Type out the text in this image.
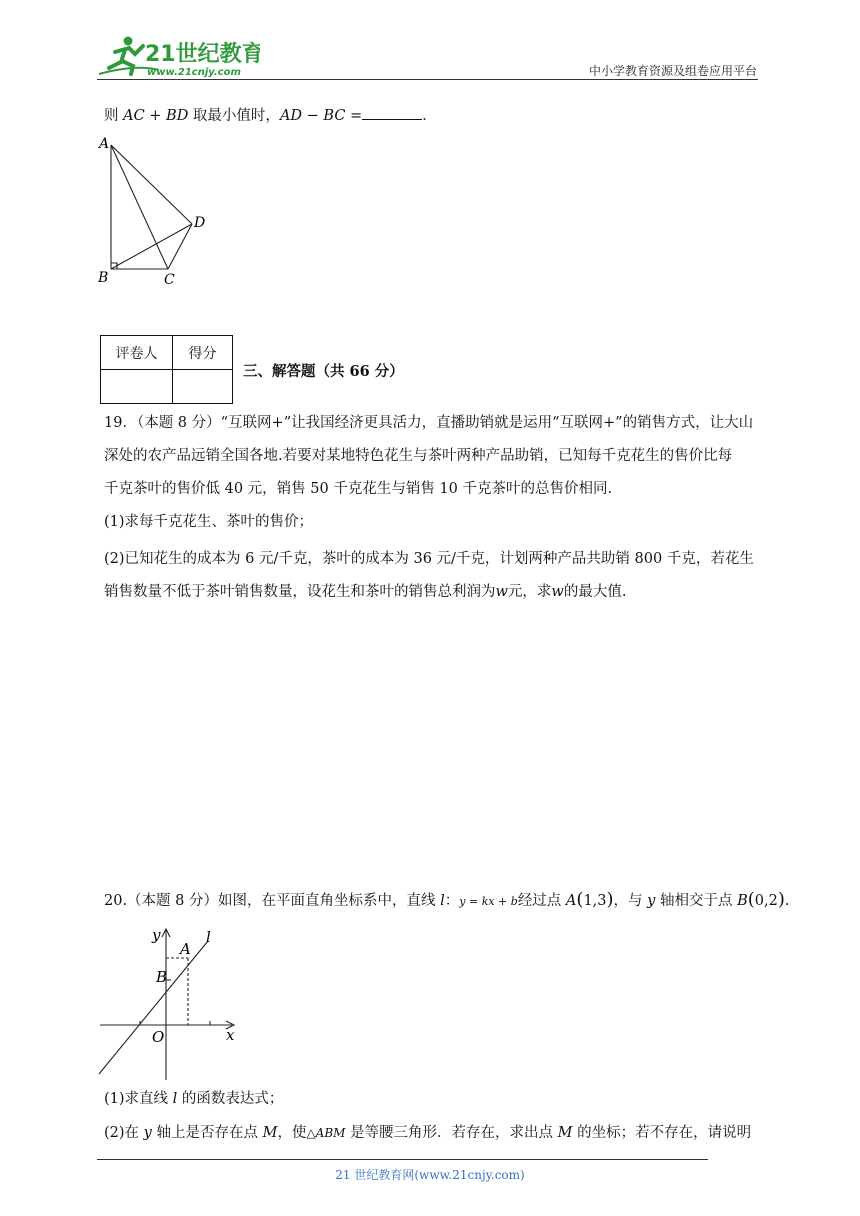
21世纪教育
www.21cnjy.com	中小学教育资源及组卷应用平台
则 AC + BD 取最小值时，AD − BC =	．
A
B	C
D
评卷人	得分

三、解答题（共 66 分）
19．（本题 8 分）“互联网+”让我国经济更具活力，直播助销就是运用“互联网+”的销售方式，让大山
深处的农产品远销全国各地.若要对某地特色花生与茶叶两种产品助销，已知每千克花生的售价比每
千克茶叶的售价低 40 元，销售 50 千克花生与销售 10 千克茶叶的总售价相同.
(1)求每千克花生、茶叶的售价；
(2)已知花生的成本为 6 元/千克，茶叶的成本为 36 元/千克，计划两种产品共助销 800 千克，若花生
销售数量不低于茶叶销售数量，设花生和茶叶的销售总利润为w元，求w的最大值.
20.（本题 8 分）如图，在平面直角坐标系中，直线 l：y = kx + b经过点 A(1,3)，与 y 轴相交于点 B(0,2).
y
x
A
B
O
l
(1)求直线 l 的函数表达式；
(2)在 y 轴上是否存在点 M，使△ABM 是等腰三角形．若存在，求出点 M 的坐标；若不存在，请说明
21 世纪教育网(www.21cnjy.com)
